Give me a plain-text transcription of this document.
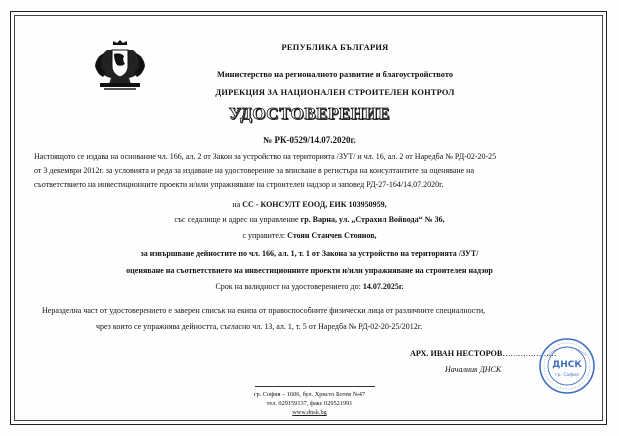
РЕПУБЛИКА БЪЛГАРИЯ
Министерство на регионалното развитие и благоустройството
ДИРЕКЦИЯ ЗА НАЦИОНАЛЕН СТРОИТЕЛЕН КОНТРОЛ
УДОСТОВЕРЕНИЕ
№ РК-0529/14.07.2020г.
Настоящото се издава на основание чл. 166, ал. 2 от Закон за устройство на територията /ЗУТ/ и чл. 16, ал. 2 от Наредба № РД-02-20-25
от 3 декември 2012г. за условията и реда за издаване на удостоверение за вписване в регистъра на консултантите за оценяване на
съответствието на инвестиционните проекти и/или упражняване на строителен надзор и заповед РД-27-164/14.07.2020г.
на СС - КОНСУЛТ ЕООД, ЕИК 103950959,
със седалище и адрес на управление гр. Варна, ул. „Страхил Войвода“ № 36,
с управител: Стоян Станчев Стоянов,
за извършване дейностите по чл. 166, ал. 1, т. 1 от Закона за устройство на територията /ЗУТ/
оценяване на съответствието на инвестиционните проекти и/или упражняване на строителен надзор
Срок на валидност на удостоверението до: 14.07.2025г.
Неразделна част от удостоверението е заверен списък на екипа от правоспособните физически лица от различните специалности,
чрез които се упражнява дейността, съгласно чл. 13, ал. 1, т. 5 от Наредба № РД-02-20-25/2012г.
АРХ. ИВАН НЕСТОРОВ…………………
Началник ДНСК	ДНСК
гр. София
гр. София – 1606, бул. Христо Ботев №47
тел. 029159137, факс 029521991
www.dnsk.bg
